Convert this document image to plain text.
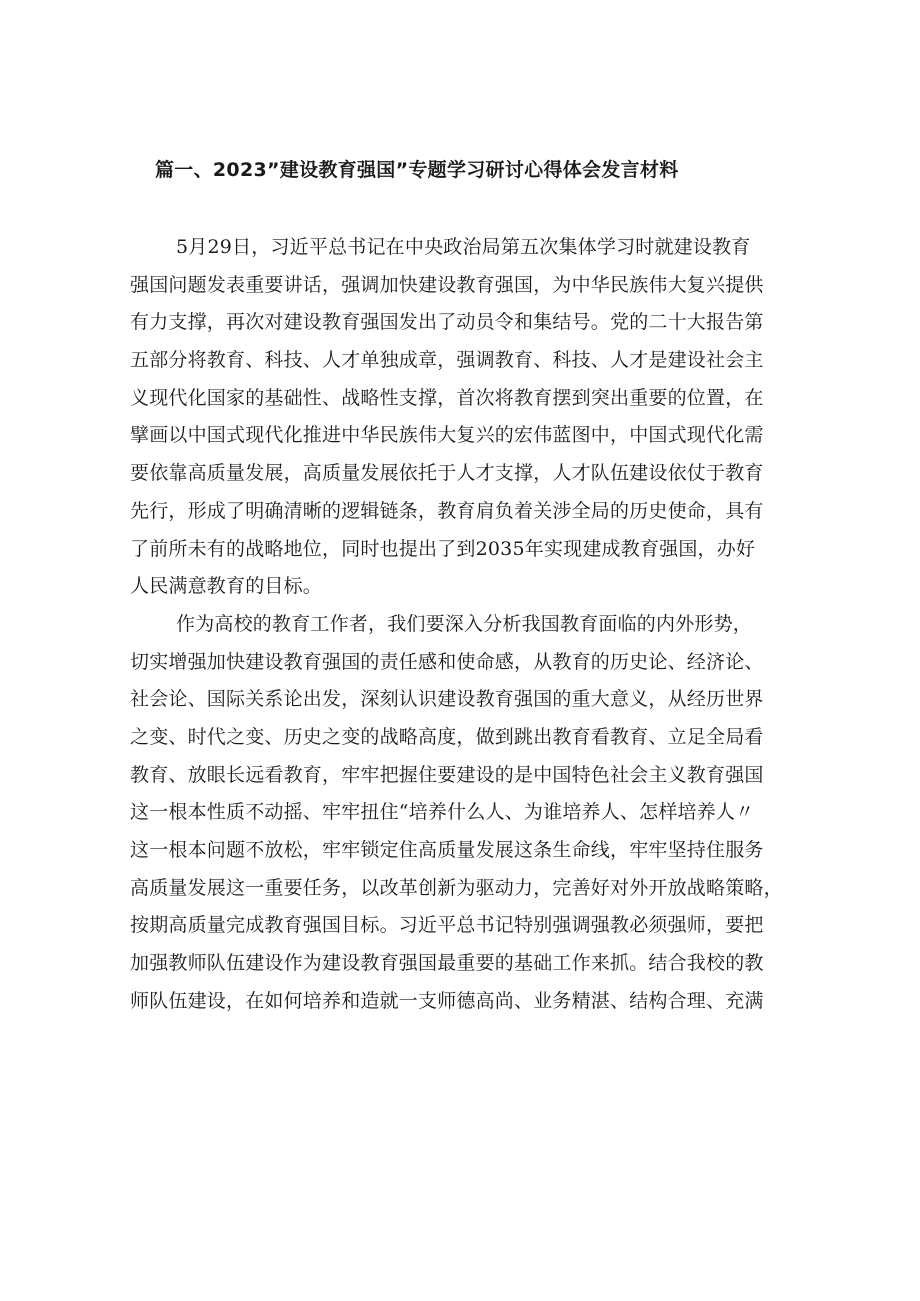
篇一、2023”建设教育强国”专题学习研讨心得体会发言材料
5月29日，习近平总书记在中央政治局第五次集体学习时就建设教育
强国问题发表重要讲话，强调加快建设教育强国，为中华民族伟大复兴提供
有力支撑，再次对建设教育强国发出了动员令和集结号。党的二十大报告第
五部分将教育、科技、人才单独成章，强调教育、科技、人才是建设社会主
义现代化国家的基础性、战略性支撑，首次将教育摆到突出重要的位置，在
擘画以中国式现代化推进中华民族伟大复兴的宏伟蓝图中，中国式现代化需
要依靠高质量发展，高质量发展依托于人才支撑，人才队伍建设依仗于教育
先行，形成了明确清晰的逻辑链条，教育肩负着关涉全局的历史使命，具有
了前所未有的战略地位，同时也提出了到2035年实现建成教育强国，办好
人民满意教育的目标。
作为高校的教育工作者，我们要深入分析我国教育面临的内外形势，
切实增强加快建设教育强国的责任感和使命感，从教育的历史论、经济论、
社会论、国际关系论出发，深刻认识建设教育强国的重大意义，从经历世界
之变、时代之变、历史之变的战略高度，做到跳出教育看教育、立足全局看
教育、放眼长远看教育，牢牢把握住要建设的是中国特色社会主义教育强国
这一根本性质不动摇、牢牢扭住“培养什么人、为谁培养人、怎样培养人〃
这一根本问题不放松，牢牢锁定住高质量发展这条生命线，牢牢坚持住服务
高质量发展这一重要任务，以改革创新为驱动力，完善好对外开放战略策略，
按期高质量完成教育强国目标。习近平总书记特别强调强教必须强师，要把
加强教师队伍建设作为建设教育强国最重要的基础工作来抓。结合我校的教
师队伍建设，在如何培养和造就一支师德高尚、业务精湛、结构合理、充满
